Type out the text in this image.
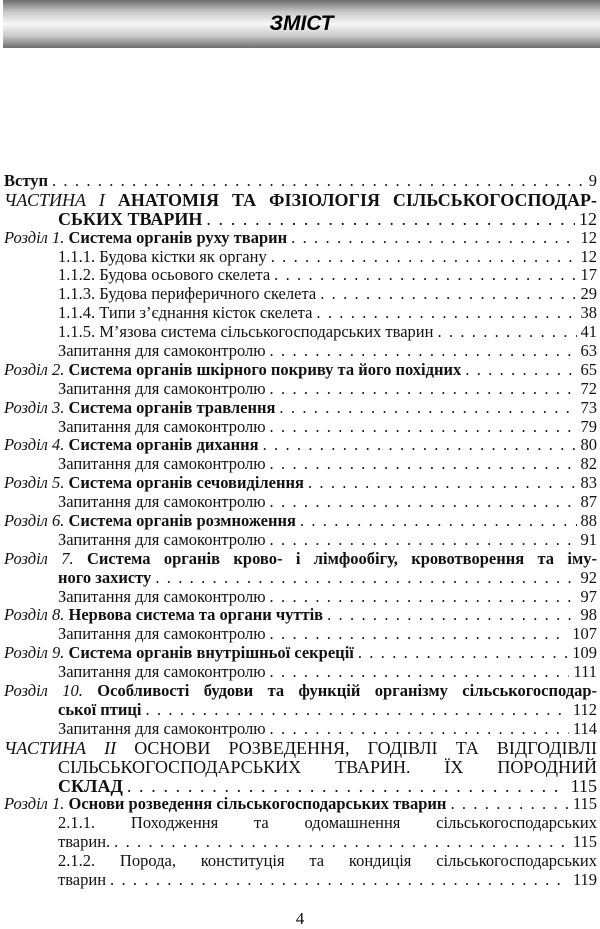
ЗМІСТ
Вступ . . .	9
ЧАСТИНА І АНАТОМІЯ ТА ФІЗІОЛОГІЯ СІЛЬСЬКОГОСПОДАР-
СЬКИХ ТВАРИН . . .	12
Розділ 1. Система органів руху тварин . . .	12
1.1.1. Будова кістки як органу . . .	12
1.1.2. Будова осьового скелета . . .	17
1.1.3. Будова периферичного скелета . . .	29
1.1.4. Типи з’єднання кісток скелета . . .	38
1.1.5. М’язова система сільськогосподарських тварин . . .	41
Запитання для самоконтролю . . .	63
Розділ 2. Система органів шкірного покриву та його похідних . . .	65
Запитання для самоконтролю . . .	72
Розділ 3. Система органів травлення . . .	73
Запитання для самоконтролю . . .	79
Розділ 4. Система органів дихання . . .	80
Запитання для самоконтролю . . .	82
Розділ 5. Система органів сечовиділення . . .	83
Запитання для самоконтролю . . .	87
Розділ 6. Система органів розмноження . . .	88
Запитання для самоконтролю . . .	91
Розділ 7. Система органів крово- і лімфообігу, кровотворення та іму-
ного захисту . . .	92
Запитання для самоконтролю . . .	97
Розділ 8. Нервова система та органи чуттів . . .	98
Запитання для самоконтролю . . .	107
Розділ 9. Система органів внутрішньої секреції . . .	109
Запитання для самоконтролю . . .	111
Розділ 10. Особливості будови та функцій організму сільськогосподар-
ської птиці . . .	112
Запитання для самоконтролю . . .	114
ЧАСТИНА ІІ ОСНОВИ РОЗВЕДЕННЯ, ГОДІВЛІ ТА ВІДГОДІВЛІ
СІЛЬСЬКОГОСПОДАРСЬКИХ ТВАРИН. ЇХ ПОРОДНИЙ
СКЛАД . . .	115
Розділ 1. Основи розведення сільськогосподарських тварин . . .	115
2.1.1. Походження та одомашнення сільськогосподарських
тварин. . . .	115
2.1.2. Порода, конституція та кондиція сільськогосподарських
тварин . . .	119
4
